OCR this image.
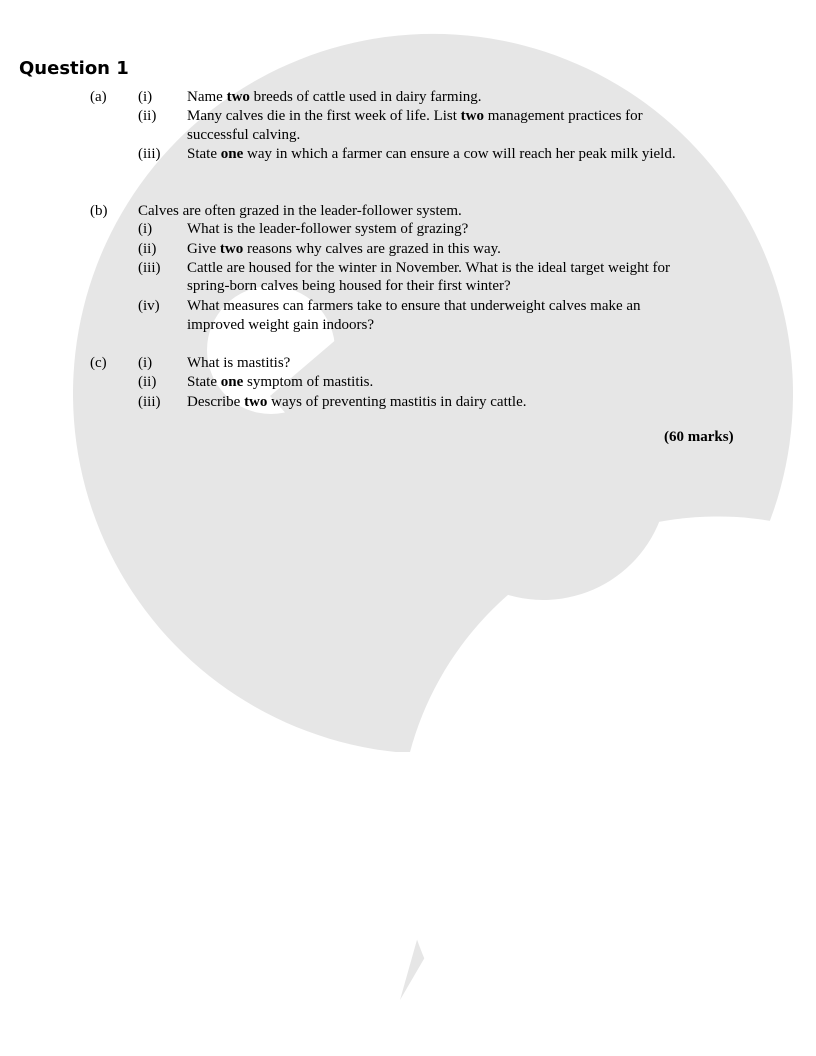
Question 1
(a) (i) Name two breeds of cattle used in dairy farming.
(ii) Many calves die in the first week of life. List two management practices for
successful calving.
(iii) State one way in which a farmer can ensure a cow will reach her peak milk yield.
(b) Calves are often grazed in the leader-follower system.
(i) What is the leader-follower system of grazing?
(ii) Give two reasons why calves are grazed in this way.
(iii) Cattle are housed for the winter in November. What is the ideal target weight for
spring-born calves being housed for their first winter?
(iv) What measures can farmers take to ensure that underweight calves make an
improved weight gain indoors?
(c) (i) What is mastitis?
(ii) State one symptom of mastitis.
(iii) Describe two ways of preventing mastitis in dairy cattle.
(60 marks)
